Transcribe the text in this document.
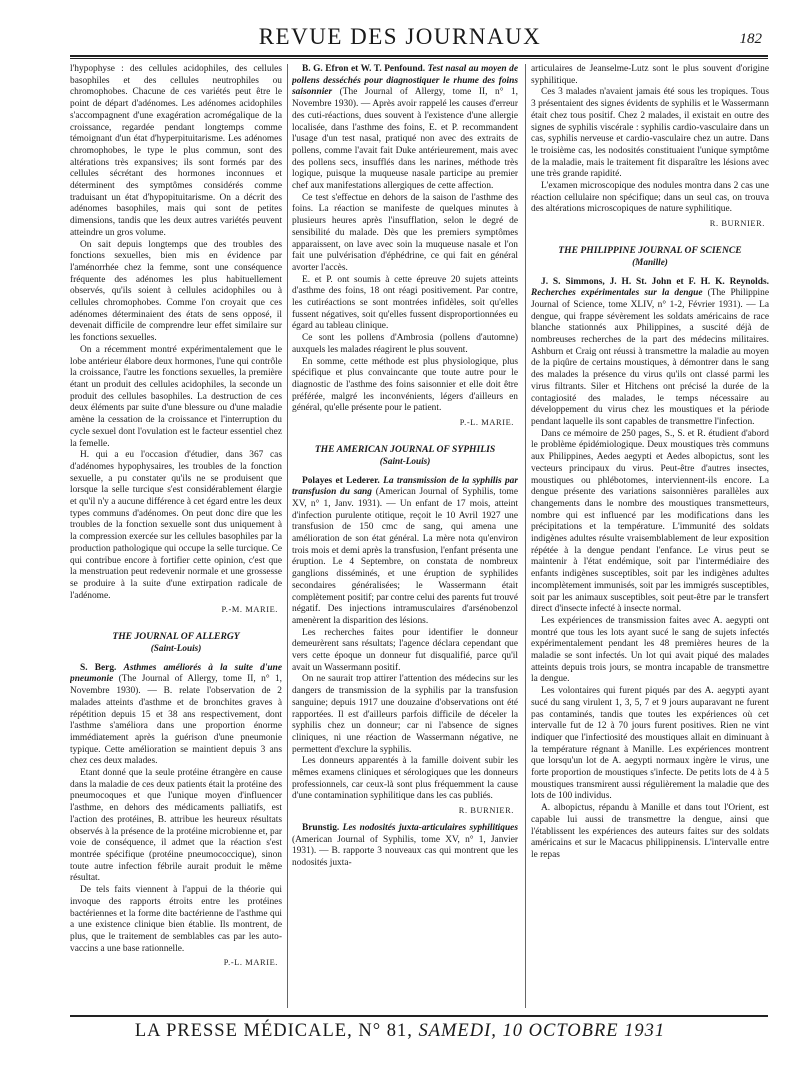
REVUE DES JOURNAUX	182

l'hypophyse : des cellules acidophiles, des cellules basophiles et des cellules neutrophiles ou chromophobes. Chacune de ces variétés peut être le point de départ d'adénomes. Les adénomes acidophiles s'accompagnent d'une exagération acromégalique de la croissance, regardée pendant longtemps comme témoignant d'un état d'hyperpituitarisme. Les adénomes chromophobes, le type le plus commun, sont des altérations très expansives; ils sont formés par des cellules sécrétant des hormones inconnues et déterminent des symptômes considérés comme traduisant un état d'hypopituitarisme. On a décrit des adénomes basophiles, mais qui sont de petites dimensions, tandis que les deux autres variétés peuvent atteindre un gros volume.

On sait depuis longtemps que des troubles des fonctions sexuelles, bien mis en évidence par l'aménorrhée chez la femme, sont une conséquence fréquente des adénomes les plus habituellement observés, qu'ils soient à cellules acidophiles ou à cellules chromophobes. Comme l'on croyait que ces adénomes déterminaient des états de sens opposé, il devenait difficile de comprendre leur effet similaire sur les fonctions sexuelles.

On a récemment montré expérimentalement que le lobe antérieur élabore deux hormones, l'une qui contrôle la croissance, l'autre les fonctions sexuelles, la première étant un produit des cellules acidophiles, la seconde un produit des cellules basophiles. La destruction de ces deux éléments par suite d'une blessure ou d'une maladie amène la cessation de la croissance et l'interruption du cycle sexuel dont l'ovulation est le facteur essentiel chez la femelle.

H. qui a eu l'occasion d'étudier, dans 367 cas d'adénomes hypophysaires, les troubles de la fonction sexuelle, a pu constater qu'ils ne se produisent que lorsque la selle turcique s'est considérablement élargie et qu'il n'y a aucune différence à cet égard entre les deux types communs d'adénomes. On peut donc dire que les troubles de la fonction sexuelle sont dus uniquement à la compression exercée sur les cellules basophiles par la production pathologique qui occupe la selle turcique. Ce qui contribue encore à fortifier cette opinion, c'est que la menstruation peut redevenir normale et une grossesse se produire à la suite d'une extirpation radicale de l'adénome.

P.-M. MARIE.
THE JOURNAL OF ALLERGY
(Saint-Louis)

S. Berg. Asthmes améliorés à la suite d'une pneumonie (The Journal of Allergy, tome II, n° 1, Novembre 1930). — B. relate l'observation de 2 malades atteints d'asthme et de bronchites graves à répétition depuis 15 et 38 ans respectivement, dont l'asthme s'améliora dans une proportion énorme immédiatement après la guérison d'une pneumonie typique. Cette amélioration se maintient depuis 3 ans chez ces deux malades.

Etant donné que la seule protéine étrangère en cause dans la maladie de ces deux patients était la protéine des pneumocoques et que l'unique moyen d'influencer l'asthme, en dehors des médicaments palliatifs, est l'action des protéines, B. attribue les heureux résultats observés à la présence de la protéine microbienne et, par voie de conséquence, il admet que la réaction s'est montrée spécifique (protéine pneumococcique), sinon toute autre infection fébrile aurait produit le même résultat.

De tels faits viennent à l'appui de la théorie qui invoque des rapports étroits entre les protéines bactériennes et la forme dite bactérienne de l'asthme qui a une existence clinique bien établie. Ils montrent, de plus, que le traitement de semblables cas par les auto-vaccins a une base rationnelle.

P.-L. MARIE.

B. G. Efron et W. T. Penfound. Test nasal au moyen de pollens desséchés pour diagnostiquer le rhume des foins saisonnier (The Journal of Allergy, tome II, n° 1, Novembre 1930). — Après avoir rappelé les causes d'erreur des cuti-réactions, dues souvent à l'existence d'une allergie localisée, dans l'asthme des foins, E. et P. recommandent l'usage d'un test nasal, pratiqué non avec des extraits de pollens, comme l'avait fait Duke antérieurement, mais avec des pollens secs, insufflés dans les narines, méthode très logique, puisque la muqueuse nasale participe au premier chef aux manifestations allergiques de cette affection.

Ce test s'effectue en dehors de la saison de l'asthme des foins. La réaction se manifeste de quelques minutes à plusieurs heures après l'insufflation, selon le degré de sensibilité du malade. Dès que les premiers symptômes apparaissent, on lave avec soin la muqueuse nasale et l'on fait une pulvérisation d'éphédrine, ce qui fait en général avorter l'accès.

E. et P. ont soumis à cette épreuve 20 sujets atteints d'asthme des foins, 18 ont réagi positivement. Par contre, les cutiréactions se sont montrées infidèles, soit qu'elles fussent négatives, soit qu'elles fussent disproportionnées eu égard au tableau clinique.

Ce sont les pollens d'Ambrosia (pollens d'automne) auxquels les malades réagirent le plus souvent.

En somme, cette méthode est plus physiologique, plus spécifique et plus convaincante que toute autre pour le diagnostic de l'asthme des foins saisonnier et elle doit être préférée, malgré les inconvénients, légers d'ailleurs en général, qu'elle présente pour le patient.

P.-L. MARIE.
THE AMERICAN JOURNAL OF SYPHILIS
(Saint-Louis)

Polayes et Lederer. La transmission de la syphilis par transfusion du sang (American Journal of Syphilis, tome XV, n° 1, Janv. 1931). — Un enfant de 17 mois, atteint d'infection purulente otitique, reçoit le 10 Avril 1927 une transfusion de 150 cmc de sang, qui amena une amélioration de son état général. La mère nota qu'environ trois mois et demi après la transfusion, l'enfant présenta une éruption. Le 4 Septembre, on constata de nombreux ganglions disséminés, et une éruption de syphilides secondaires généralisées; le Wassermann était complètement positif; par contre celui des parents fut trouvé négatif. Des injections intramusculaires d'arsénobenzol amenèrent la disparition des lésions.

Les recherches faites pour identifier le donneur demeurèrent sans résultats; l'agence déclara cependant que vers cette époque un donneur fut disqualifié, parce qu'il avait un Wassermann positif.

On ne saurait trop attirer l'attention des médecins sur les dangers de transmission de la syphilis par la transfusion sanguine; depuis 1917 une douzaine d'observations ont été rapportées. Il est d'ailleurs parfois difficile de déceler la syphilis chez un donneur; car ni l'absence de signes cliniques, ni une réaction de Wassermann négative, ne permettent d'exclure la syphilis.

Les donneurs apparentés à la famille doivent subir les mêmes examens cliniques et sérologiques que les donneurs professionnels, car ceux-là sont plus fréquemment la cause d'une contamination syphilitique dans les cas publiés.

R. BURNIER.

Brunstig. Les nodosités juxta-articulaires syphilitiques (American Journal of Syphilis, tome XV, n° 1, Janvier 1931). — B. rapporte 3 nouveaux cas qui montrent que les nodosités juxta-

articulaires de Jeanselme-Lutz sont le plus souvent d'origine syphilitique.

Ces 3 malades n'avaient jamais été sous les tropiques. Tous 3 présentaient des signes évidents de syphilis et le Wassermann était chez tous positif. Chez 2 malades, il existait en outre des signes de syphilis viscérale : syphilis cardio-vasculaire dans un cas, syphilis nerveuse et cardio-vasculaire chez un autre. Dans le troisième cas, les nodosités constituaient l'unique symptôme de la maladie, mais le traitement fit disparaître les lésions avec une très grande rapidité.

L'examen microscopique des nodules montra dans 2 cas une réaction cellulaire non spécifique; dans un seul cas, on trouva des altérations microscopiques de nature syphilitique.

R. BURNIER.
THE PHILIPPINE JOURNAL OF SCIENCE
(Manille)

J. S. Simmons, J. H. St. John et F. H. K. Reynolds. Recherches expérimentales sur la dengue (The Philippine Journal of Science, tome XLIV, n° 1-2, Février 1931). — La dengue, qui frappe sévèrement les soldats américains de race blanche stationnés aux Philippines, a suscité déjà de nombreuses recherches de la part des médecins militaires. Ashburn et Craig ont réussi à transmettre la maladie au moyen de la piqûre de certains moustiques, à démontrer dans le sang des malades la présence du virus qu'ils ont classé parmi les virus filtrants. Siler et Hitchens ont précisé la durée de la contagiosité des malades, le temps nécessaire au développement du virus chez les moustiques et la période pendant laquelle ils sont capables de transmettre l'infection.

Dans ce mémoire de 250 pages, S., S. et R. étudient d'abord le problème épidémiologique. Deux moustiques très communs aux Philippines, Aedes aegypti et Aedes albopictus, sont les vecteurs principaux du virus. Peut-être d'autres insectes, moustiques ou phlébotomes, interviennent-ils encore. La dengue présente des variations saisonnières parallèles aux changements dans le nombre des moustiques transmetteurs, nombre qui est influencé par les modifications dans les précipitations et la température. L'immunité des soldats indigènes adultes résulte vraisemblablement de leur exposition répétée à la dengue pendant l'enfance. Le virus peut se maintenir à l'état endémique, soit par l'intermédiaire des enfants indigènes susceptibles, soit par les indigènes adultes incomplètement immunisés, soit par les immigrés susceptibles, soit par les animaux susceptibles, soit peut-être par le transfert direct d'insecte infecté à insecte normal.

Les expériences de transmission faites avec A. aegypti ont montré que tous les lots ayant sucé le sang de sujets infectés expérimentalement pendant les 48 premières heures de la maladie se sont infectés. Un lot qui avait piqué des malades atteints depuis trois jours, se montra incapable de transmettre la dengue.

Les volontaires qui furent piqués par des A. aegypti ayant sucé du sang virulent 1, 3, 5, 7 et 9 jours auparavant ne furent pas contaminés, tandis que toutes les expériences où cet intervalle fut de 12 à 70 jours furent positives. Rien ne vint indiquer que l'infectiosité des moustiques allait en diminuant à la température régnant à Manille. Les expériences montrent que lorsqu'un lot de A. aegypti normaux ingère le virus, une forte proportion de moustiques s'infecte. De petits lots de 4 à 5 moustiques transmirent aussi régulièrement la maladie que des lots de 100 individus.

A. albopictus, répandu à Manille et dans tout l'Orient, est capable lui aussi de transmettre la dengue, ainsi que l'établissent les expériences des auteurs faites sur des soldats américains et sur le Macacus philippinensis. L'intervalle entre le repas

LA PRESSE MÉDICALE, N° 81, SAMEDI, 10 OCTOBRE 1931
